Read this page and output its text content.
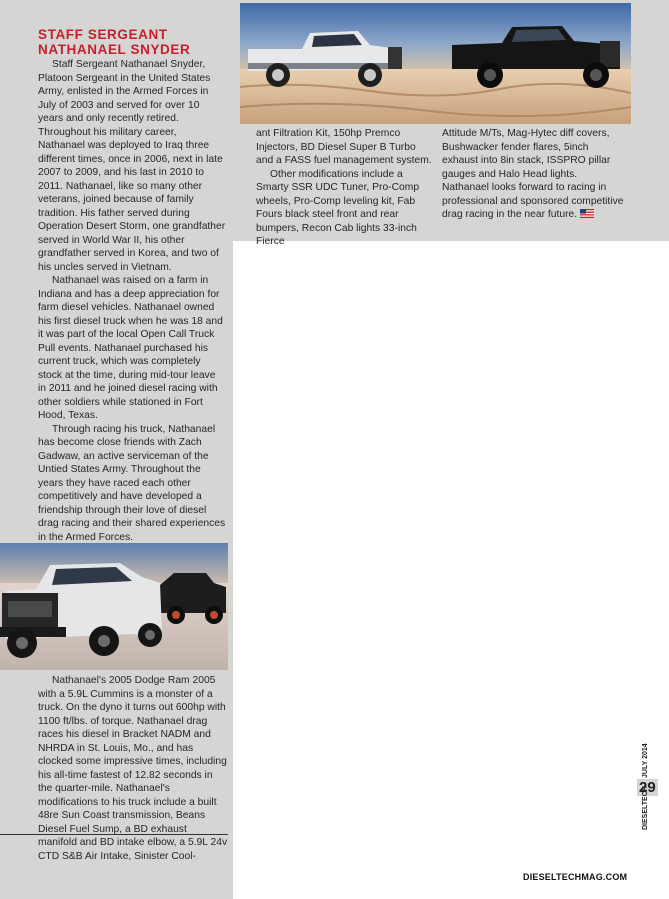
STAFF SERGEANT
NATHANAEL SNYDER

Staff Sergeant Nathanael Snyder, Platoon Sergeant in the United States Army, enlisted in the Armed Forces in July of 2003 and served for over 10 years and only recently retired. Throughout his military career, Nathanael was deployed to Iraq three different times, once in 2006, next in late 2007 to 2009, and his last in 2010 to 2011. Nathanael, like so many other veterans, joined because of family tradition. His father served during Operation Desert Storm, one grandfather served in World War II, his other grandfather served in Korea, and two of his uncles served in Vietnam.

Nathanael was raised on a farm in Indiana and has a deep appreciation for farm diesel vehicles. Nathanael owned his first diesel truck when he was 18 and it was part of the local Open Call Truck Pull events. Nathanael purchased his current truck, which was completely stock at the time, during mid-tour leave in 2011 and he joined diesel racing with other soldiers while stationed in Fort Hood, Texas.

Through racing his truck, Nathanael has become close friends with Zach Gadwaw, an active serviceman of the Untied States Army. Throughout the years they have raced each other competitively and have developed a friendship through their love of diesel drag racing and their shared experiences in the Armed Forces.

Nathanael's 2005 Dodge Ram 2005 with a 5.9L Cummins is a monster of a truck. On the dyno it turns out 600hp with 1100 ft/lbs. of torque. Nathanael drag races his diesel in Bracket NADM and NHRDA in St. Louis, Mo., and has clocked some impressive times, including his all-time fastest of 12.82 seconds in the quarter-mile. Nathanael's modifications to his truck include a built 48re Sun Coast transmission, Beans Diesel Fuel Sump, a BD exhaust manifold and BD intake elbow, a 5.9L 24v CTD S&B Air Intake, Sinister Cool-

ant Filtration Kit, 150hp Premco Injectors, BD Diesel Super B Turbo and a FASS fuel management system.

Other modifications include a Smarty SSR UDC Tuner, Pro-Comp wheels, Pro-Comp leveling kit, Fab Fours black steel front and rear bumpers, Recon Cab lights 33-inch Fierce

Attitude M/Ts, Mag-Hytec diff covers, Bushwacker fender flares, 5inch exhaust into 8in stack, ISSPRO pillar gauges and Halo Head lights. Nathanael looks forward to racing in professional and sponsored competitive drag racing in the near future.

JULY 2014
29
DIESELTECH
DIESELTECHMAG.COM
